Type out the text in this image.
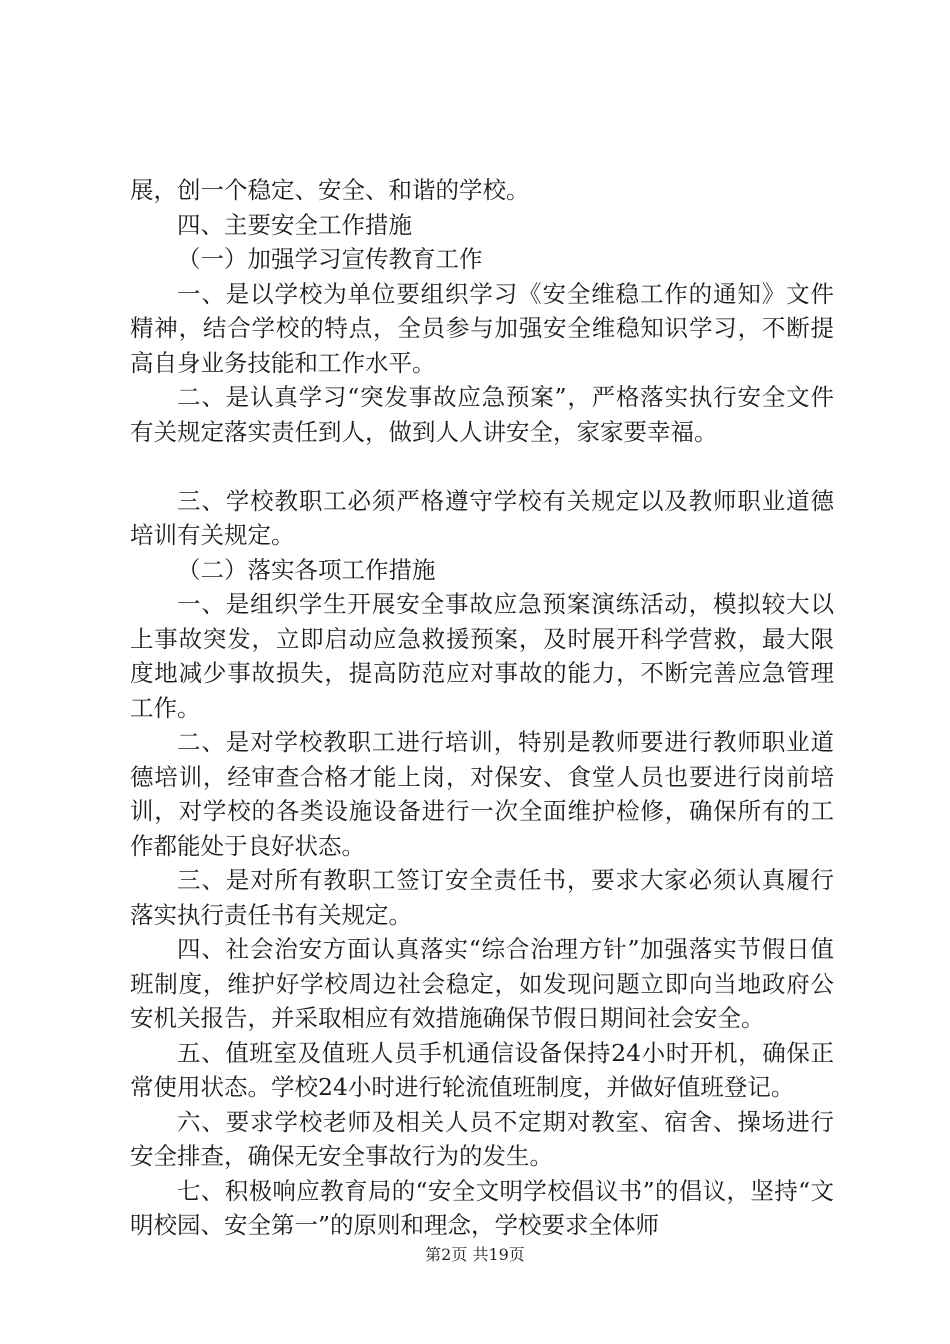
展，创一个稳定、安全、和谐的学校。

四、主要安全工作措施

（一）加强学习宣传教育工作

一、是以学校为单位要组织学习《安全维稳工作的通知》文件精神，结合学校的特点，全员参与加强安全维稳知识学习，不断提高自身业务技能和工作水平。

二、是认真学习“突发事故应急预案”，严格落实执行安全文件有关规定落实责任到人，做到人人讲安全，家家要幸福。

三、学校教职工必须严格遵守学校有关规定以及教师职业道德培训有关规定。

（二）落实各项工作措施

一、是组织学生开展安全事故应急预案演练活动，模拟较大以上事故突发，立即启动应急救援预案，及时展开科学营救，最大限度地减少事故损失，提高防范应对事故的能力，不断完善应急管理工作。

二、是对学校教职工进行培训，特别是教师要进行教师职业道德培训，经审查合格才能上岗，对保安、食堂人员也要进行岗前培训，对学校的各类设施设备进行一次全面维护检修，确保所有的工作都能处于良好状态。

三、是对所有教职工签订安全责任书，要求大家必须认真履行落实执行责任书有关规定。

四、社会治安方面认真落实“综合治理方针”加强落实节假日值班制度，维护好学校周边社会稳定，如发现问题立即向当地政府公安机关报告，并采取相应有效措施确保节假日期间社会安全。

五、值班室及值班人员手机通信设备保持24小时开机，确保正常使用状态。学校24小时进行轮流值班制度，并做好值班登记。

六、要求学校老师及相关人员不定期对教室、宿舍、操场进行安全排查，确保无安全事故行为的发生。

七、积极响应教育局的“安全文明学校倡议书”的倡议，坚持“文明校园、安全第一”的原则和理念，学校要求全体师

第2页 共19页
